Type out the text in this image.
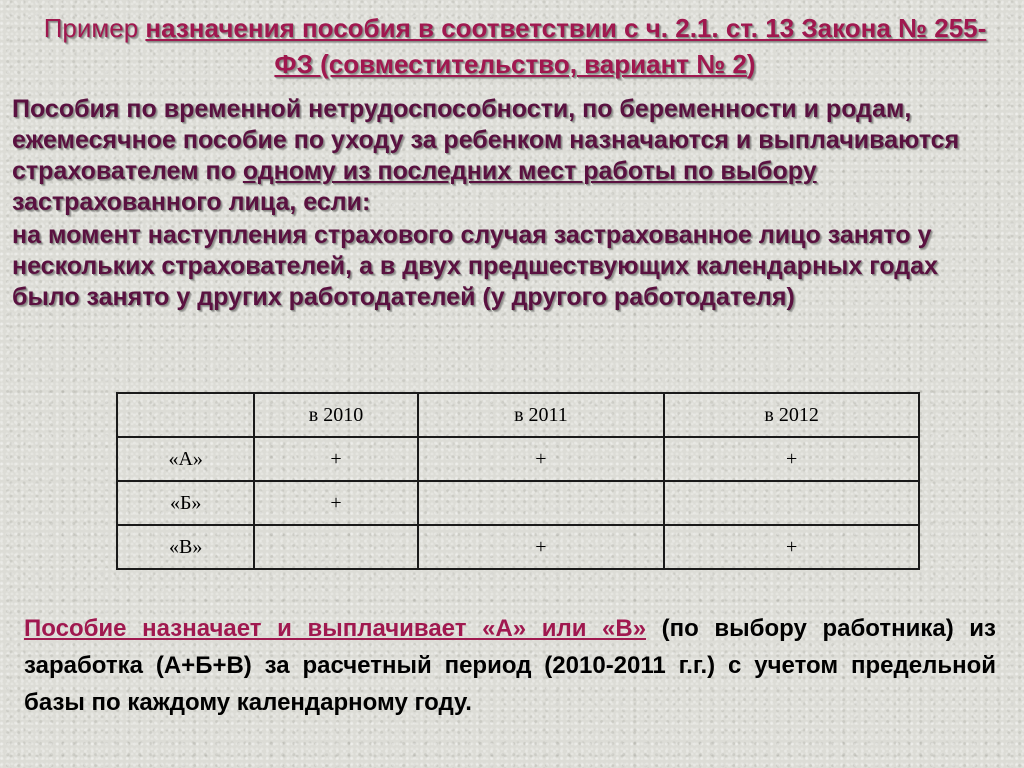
Пример назначения пособия в соответствии с ч. 2.1. ст. 13 Закона № 255-ФЗ (совместительство, вариант № 2)

Пособия по временной нетрудоспособности, по беременности и родам, ежемесячное пособие по уходу за ребенком назначаются и выплачиваются страхователем по одному из последних мест работы по выбору застрахованного лица, если:

на момент наступления страхового случая застрахованное лицо занято у нескольких страхователей, а в двух предшествующих календарных годах было занято у других работодателей (у другого работодателя)

	в 2010	в 2011	в 2012
«А»	+	+	+
«Б»	+		
«В»		+	+

Пособие назначает и выплачивает «А» или «В» (по выбору работника) из заработка (А+Б+В) за расчетный период (2010-2011 г.г.) с учетом предельной базы по каждому календарному году.
